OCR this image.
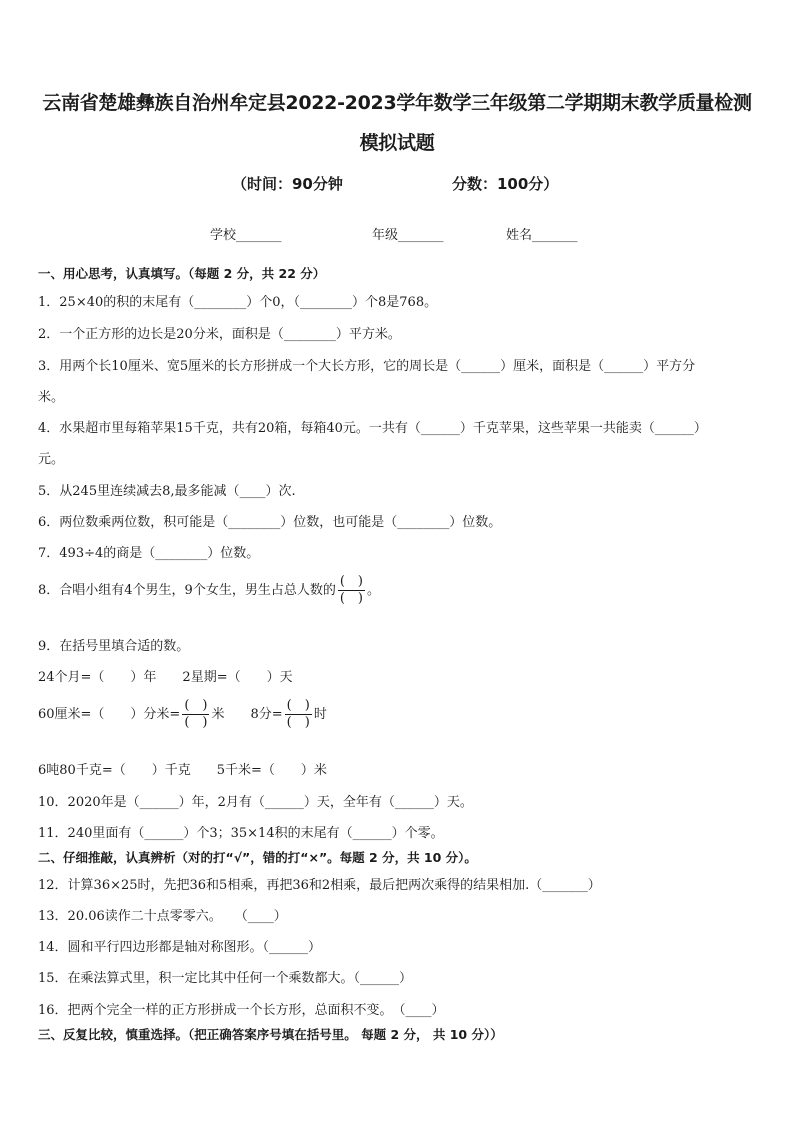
云南省楚雄彝族自治州牟定县2022-2023学年数学三年级第二学期期末教学质量检测
模拟试题
（时间：90分钟	分数：100分）
学校_______	年级_______	姓名_______
一、用心思考，认真填写。（每题 2 分，共 22 分）
1．25×40的积的末尾有（________）个0，（________）个8是768。
2．一个正方形的边长是20分米，面积是（________）平方米。
3．用两个长10厘米、宽5厘米的长方形拼成一个大长方形，它的周长是（______）厘米，面积是（______）平方分
米。
4．水果超市里每箱苹果15千克，共有20箱，每箱40元。一共有（______）千克苹果，这些苹果一共能卖（______）
元。
5．从245里连续减去8,最多能减（____）次.
6．两位数乘两位数，积可能是（________）位数，也可能是（________）位数。
7．493÷4的商是（________）位数。
8．合唱小组有4个男生，9个女生，男生占总人数的 $\frac{( )}{( )}$ 。
9．在括号里填合适的数。
24个月=（　　）年　　2星期=（　　）天
60厘米=（　　）分米= $\frac{( )}{( )}$ 米　　8分= $\frac{( )}{( )}$ 时
6吨80千克=（　　）千克　　5千米=（　　）米
10．2020年是（______）年，2月有（______）天，全年有（______）天。
11．240里面有（______）个3；35×14积的末尾有（______）个零。
二、仔细推敲，认真辨析（对的打“√”，错的打“×”。每题 2 分，共 10 分）。
12．计算36×25时，先把36和5相乘，再把36和2相乘，最后把两次乘得的结果相加.（_______）
13．20.06读作二十点零零六。　　（____）
14．圆和平行四边形都是轴对称图形。（______）
15．在乘法算式里，积一定比其中任何一个乘数都大。（______）
16．把两个完全一样的正方形拼成一个长方形，总面积不变。　（____）
三、反复比较，慎重选择。（把正确答案序号填在括号里。 每题 2 分， 共 10 分））
